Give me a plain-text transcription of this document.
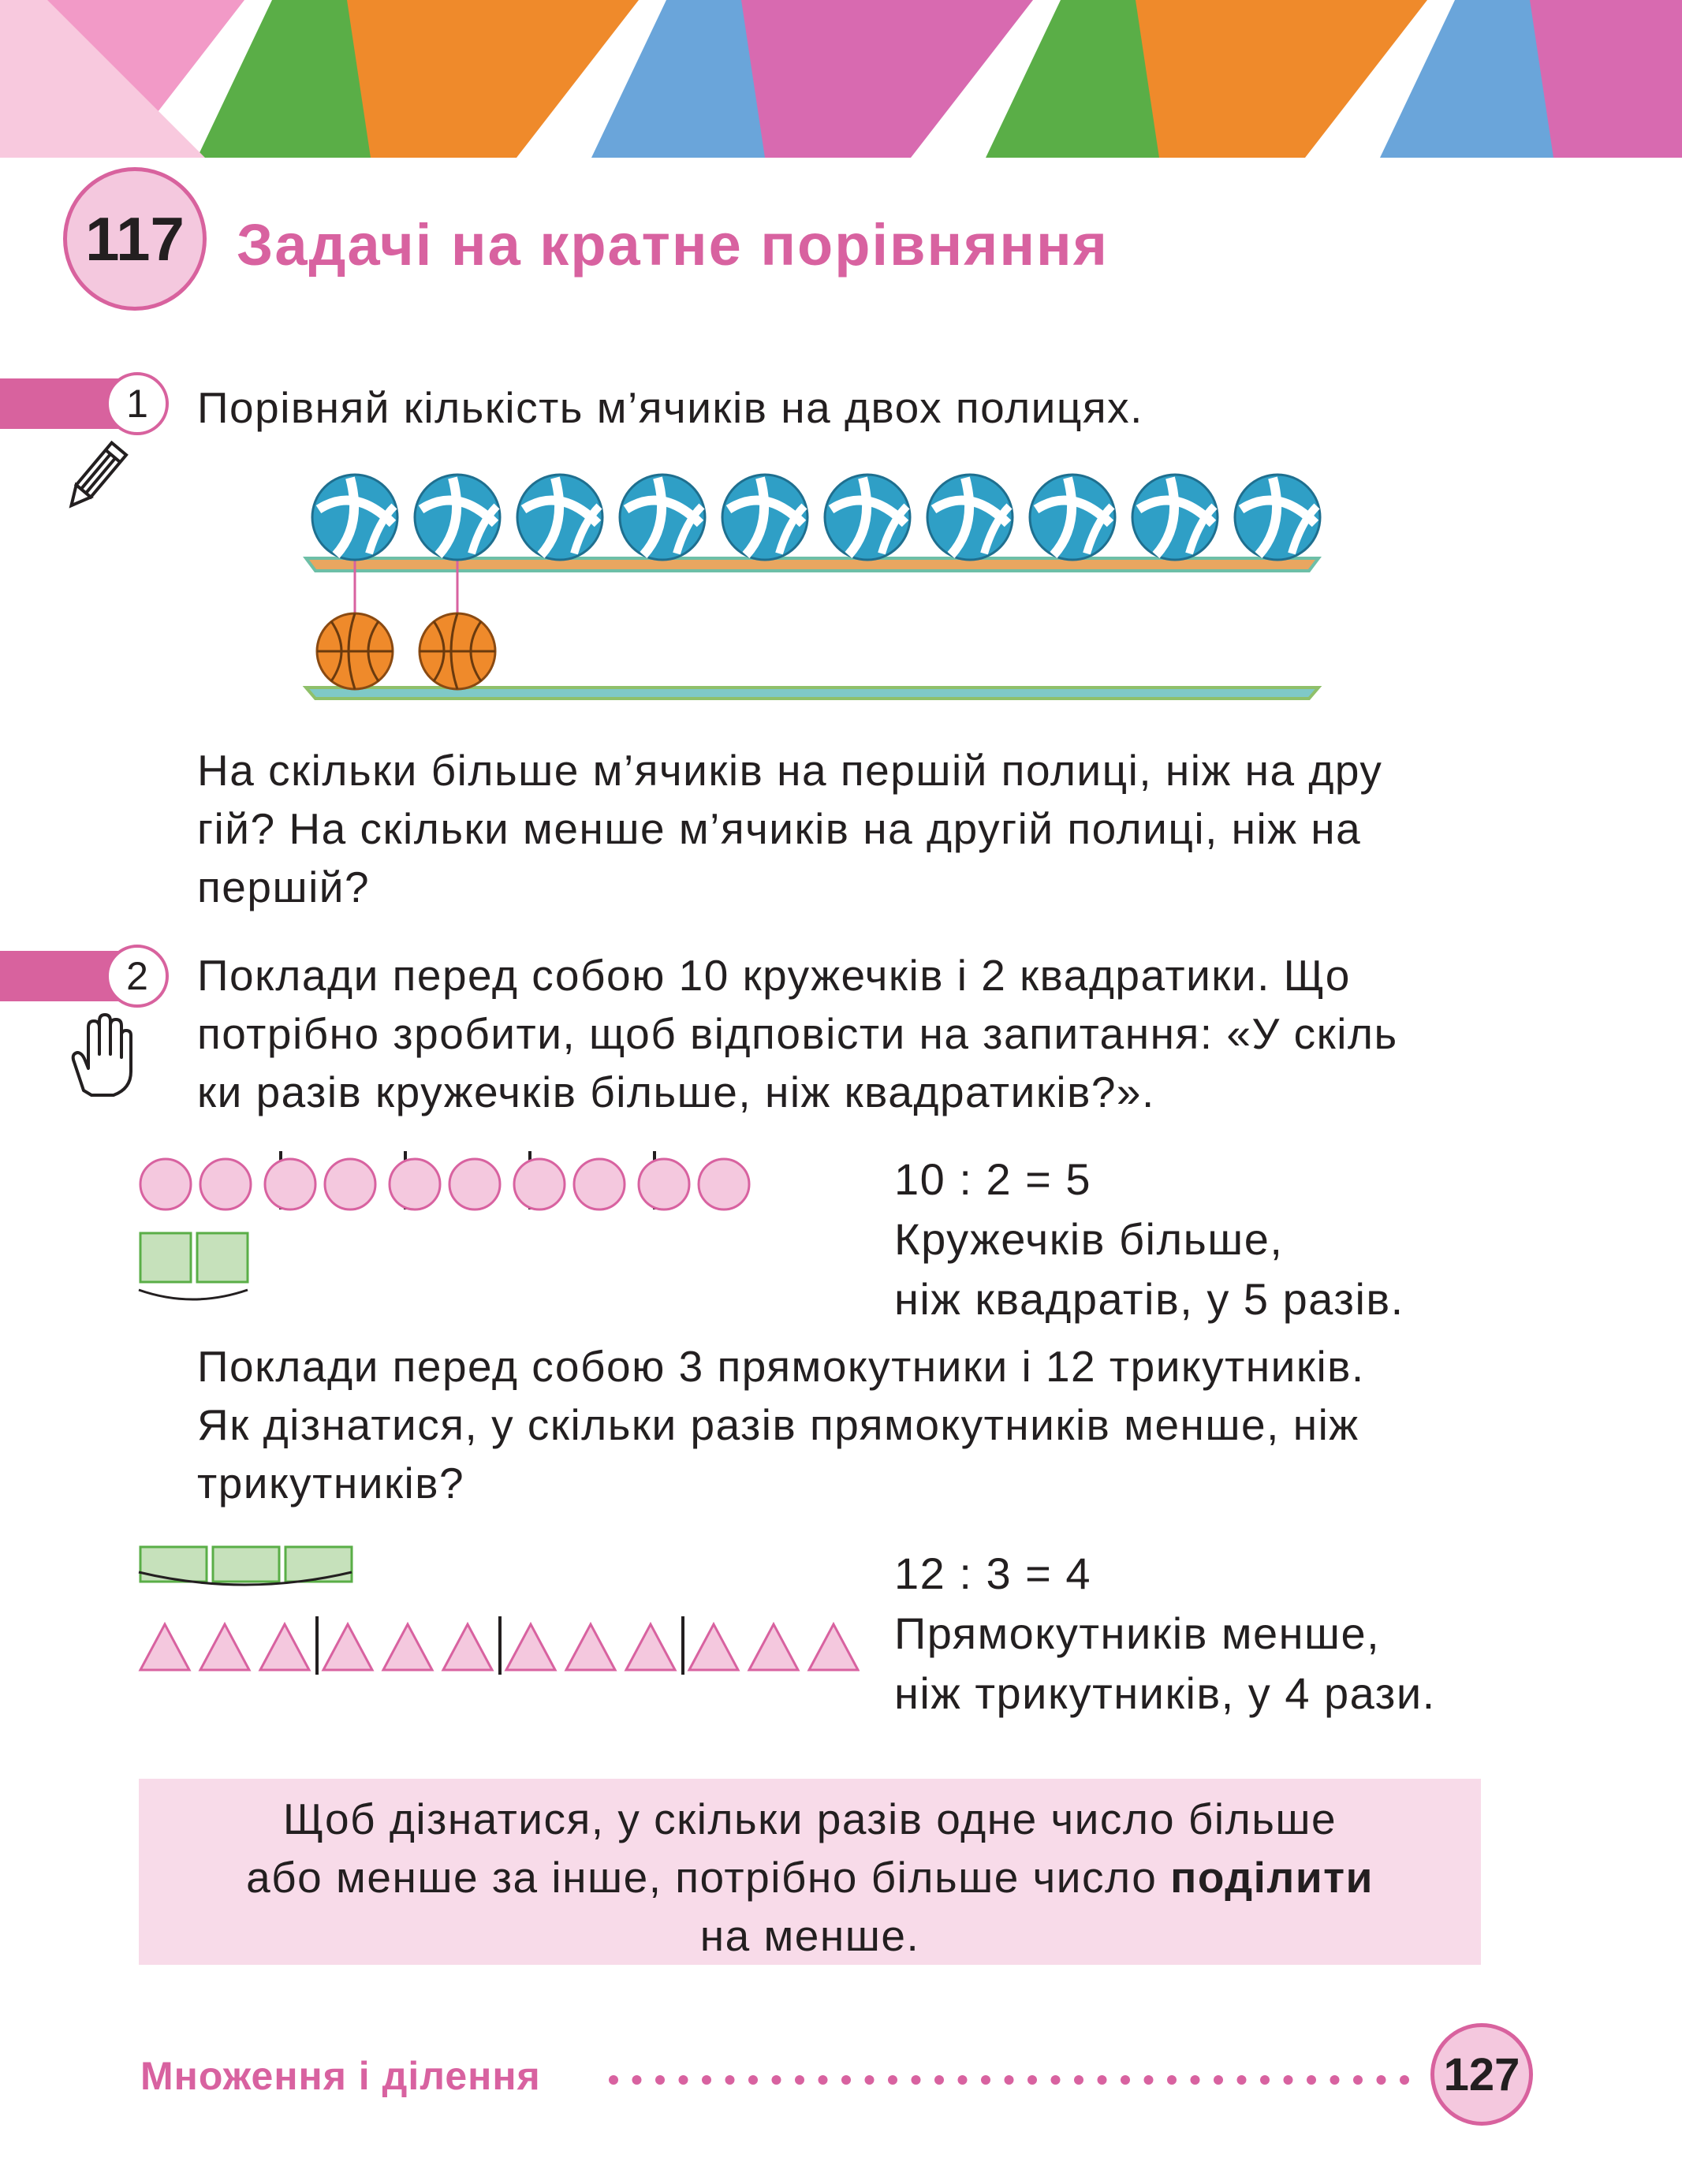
117 Задачі на кратне порівняння
1 Порівняй кількість м’ячиків на двох полицях.
На скільки більше м’ячиків на першій полиці, ніж на дру
гій? На скільки менше м’ячиків на другій полиці, ніж на
першій?
2 Поклади перед собою 10 кружечків і 2 квадратики. Що
потрібно зробити, щоб відповісти на запитання: «У скіль
ки разів кружечків більше, ніж квадратиків?».
10 : 2 = 5
Кружечків більше,
ніж квадратів, у 5 разів.
Поклади перед собою 3 прямокутники і 12 трикутників.
Як дізнатися, у скільки разів прямокутників менше, ніж
трикутників?
12 : 3 = 4
Прямокутників менше,
ніж трикутників, у 4 рази.
Щоб дізнатися, у скільки разів одне число більше
або менше за інше, потрібно більше число поділити
на менше.
Множення і ділення	127
